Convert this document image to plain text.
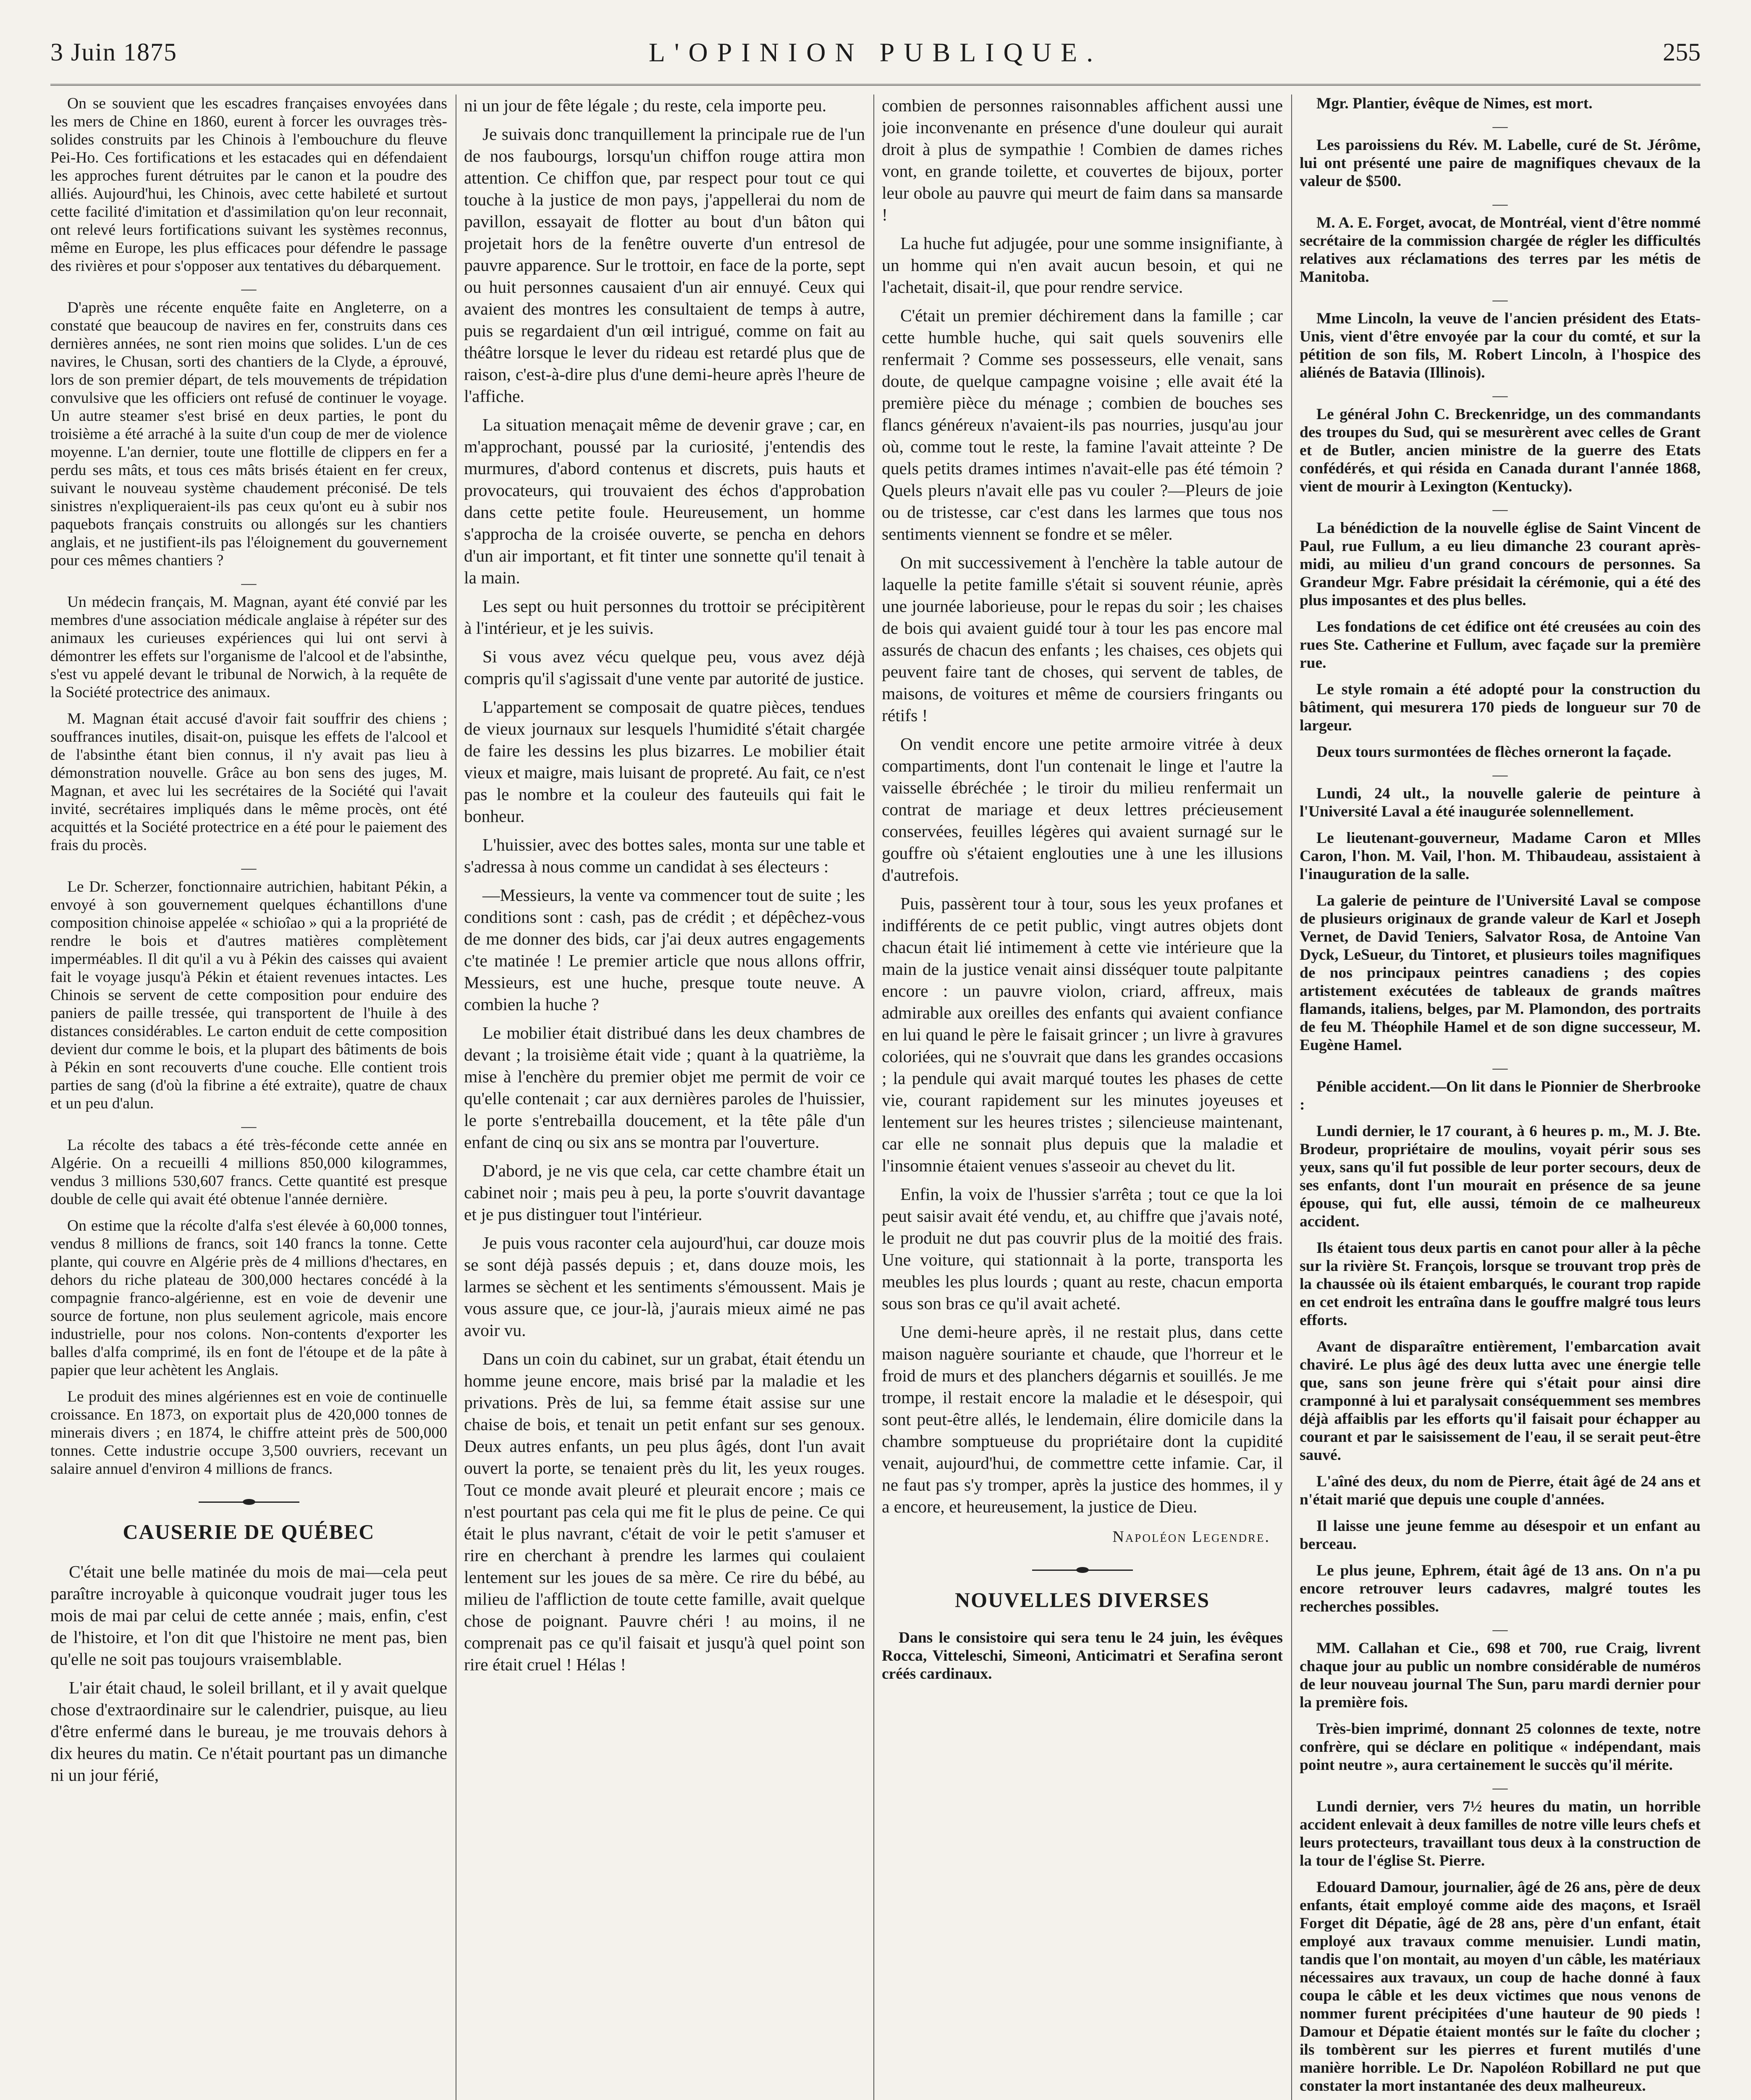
3 Juin 1875	L'OPINION PUBLIQUE.	255

On se souvient que les escadres françaises envoyées dans les mers de Chine en 1860, eurent à forcer les ouvrages très-solides construits par les Chinois à l'embouchure du fleuve Pei-Ho. Ces fortifications et les estacades qui en défendaient les approches furent détruites par le canon et la poudre des alliés. Aujourd'hui, les Chinois, avec cette habileté et surtout cette facilité d'imitation et d'assimilation qu'on leur reconnait, ont relevé leurs fortifications suivant les systèmes reconnus, même en Europe, les plus efficaces pour défendre le passage des rivières et pour s'opposer aux tentatives du débarquement.

—

D'après une récente enquête faite en Angleterre, on a constaté que beaucoup de navires en fer, construits dans ces dernières années, ne sont rien moins que solides. L'un de ces navires, le Chusan, sorti des chantiers de la Clyde, a éprouvé, lors de son premier départ, de tels mouvements de trépidation convulsive que les officiers ont refusé de continuer le voyage. Un autre steamer s'est brisé en deux parties, le pont du troisième a été arraché à la suite d'un coup de mer de violence moyenne. L'an dernier, toute une flottille de clippers en fer a perdu ses mâts, et tous ces mâts brisés étaient en fer creux, suivant le nouveau système chaudement préconisé. De tels sinistres n'expliqueraient-ils pas ceux qu'ont eu à subir nos paquebots français construits ou allongés sur les chantiers anglais, et ne justifient-ils pas l'éloignement du gouvernement pour ces mêmes chantiers ?

—

Un médecin français, M. Magnan, ayant été convié par les membres d'une association médicale anglaise à répéter sur des animaux les curieuses expériences qui lui ont servi à démontrer les effets sur l'organisme de l'alcool et de l'absinthe, s'est vu appelé devant le tribunal de Norwich, à la requête de la Société protectrice des animaux.

M. Magnan était accusé d'avoir fait souffrir des chiens ; souffrances inutiles, disait-on, puisque les effets de l'alcool et de l'absinthe étant bien connus, il n'y avait pas lieu à démonstration nouvelle. Grâce au bon sens des juges, M. Magnan, et avec lui les secrétaires de la Société qui l'avait invité, secrétaires impliqués dans le même procès, ont été acquittés et la Société protectrice en a été pour le paiement des frais du procès.

—

Le Dr. Scherzer, fonctionnaire autrichien, habitant Pékin, a envoyé à son gouvernement quelques échantillons d'une composition chinoise appelée « schioîao » qui a la propriété de rendre le bois et d'autres matières complètement imperméables. Il dit qu'il a vu à Pékin des caisses qui avaient fait le voyage jusqu'à Pékin et étaient revenues intactes. Les Chinois se servent de cette composition pour enduire des paniers de paille tressée, qui transportent de l'huile à des distances considérables. Le carton enduit de cette composition devient dur comme le bois, et la plupart des bâtiments de bois à Pékin en sont recouverts d'une couche. Elle contient trois parties de sang (d'où la fibrine a été extraite), quatre de chaux et un peu d'alun.

—

La récolte des tabacs a été très-féconde cette année en Algérie. On a recueilli 4 millions 850,000 kilogrammes, vendus 3 millions 530,607 francs. Cette quantité est presque double de celle qui avait été obtenue l'année dernière.

On estime que la récolte d'alfa s'est élevée à 60,000 tonnes, vendus 8 millions de francs, soit 140 francs la tonne. Cette plante, qui couvre en Algérie près de 4 millions d'hectares, en dehors du riche plateau de 300,000 hectares concédé à la compagnie franco-algérienne, est en voie de devenir une source de fortune, non plus seulement agricole, mais encore industrielle, pour nos colons. Non-contents d'exporter les balles d'alfa comprimé, ils en font de l'étoupe et de la pâte à papier que leur achètent les Anglais.

Le produit des mines algériennes est en voie de continuelle croissance. En 1873, on exportait plus de 420,000 tonnes de minerais divers ; en 1874, le chiffre atteint près de 500,000 tonnes. Cette industrie occupe 3,500 ouvriers, recevant un salaire annuel d'environ 4 millions de francs.

CAUSERIE DE QUÉBEC

C'était une belle matinée du mois de mai—cela peut paraître incroyable à quiconque voudrait juger tous les mois de mai par celui de cette année ; mais, enfin, c'est de l'histoire, et l'on dit que l'histoire ne ment pas, bien qu'elle ne soit pas toujours vraisemblable.

L'air était chaud, le soleil brillant, et il y avait quelque chose d'extraordinaire sur le calendrier, puisque, au lieu d'être enfermé dans le bureau, je me trouvais dehors à dix heures du matin. Ce n'était pourtant pas un dimanche ni un jour férié,

ni un jour de fête légale ; du reste, cela importe peu.

Je suivais donc tranquillement la principale rue de l'un de nos faubourgs, lorsqu'un chiffon rouge attira mon attention. Ce chiffon que, par respect pour tout ce qui touche à la justice de mon pays, j'appellerai du nom de pavillon, essayait de flotter au bout d'un bâton qui projetait hors de la fenêtre ouverte d'un entresol de pauvre apparence. Sur le trottoir, en face de la porte, sept ou huit personnes causaient d'un air ennuyé. Ceux qui avaient des montres les consultaient de temps à autre, puis se regardaient d'un œil intrigué, comme on fait au théâtre lorsque le lever du rideau est retardé plus que de raison, c'est-à-dire plus d'une demi-heure après l'heure de l'affiche.

La situation menaçait même de devenir grave ; car, en m'approchant, poussé par la curiosité, j'entendis des murmures, d'abord contenus et discrets, puis hauts et provocateurs, qui trouvaient des échos d'approbation dans cette petite foule. Heureusement, un homme s'approcha de la croisée ouverte, se pencha en dehors d'un air important, et fit tinter une sonnette qu'il tenait à la main.

Les sept ou huit personnes du trottoir se précipitèrent à l'intérieur, et je les suivis.

Si vous avez vécu quelque peu, vous avez déjà compris qu'il s'agissait d'une vente par autorité de justice.

L'appartement se composait de quatre pièces, tendues de vieux journaux sur lesquels l'humidité s'était chargée de faire les dessins les plus bizarres. Le mobilier était vieux et maigre, mais luisant de propreté. Au fait, ce n'est pas le nombre et la couleur des fauteuils qui fait le bonheur.

L'huissier, avec des bottes sales, monta sur une table et s'adressa à nous comme un candidat à ses électeurs :

—Messieurs, la vente va commencer tout de suite ; les conditions sont : cash, pas de crédit ; et dépêchez-vous de me donner des bids, car j'ai deux autres engagements c'te matinée ! Le premier article que nous allons offrir, Messieurs, est une huche, presque toute neuve. A combien la huche ?

Le mobilier était distribué dans les deux chambres de devant ; la troisième était vide ; quant à la quatrième, la mise à l'enchère du premier objet me permit de voir ce qu'elle contenait ; car aux dernières paroles de l'huissier, le porte s'entrebailla doucement, et la tête pâle d'un enfant de cinq ou six ans se montra par l'ouverture.

D'abord, je ne vis que cela, car cette chambre était un cabinet noir ; mais peu à peu, la porte s'ouvrit davantage et je pus distinguer tout l'intérieur.

Je puis vous raconter cela aujourd'hui, car douze mois se sont déjà passés depuis ; et, dans douze mois, les larmes se sèchent et les sentiments s'émoussent. Mais je vous assure que, ce jour-là, j'aurais mieux aimé ne pas avoir vu.

Dans un coin du cabinet, sur un grabat, était étendu un homme jeune encore, mais brisé par la maladie et les privations. Près de lui, sa femme était assise sur une chaise de bois, et tenait un petit enfant sur ses genoux. Deux autres enfants, un peu plus âgés, dont l'un avait ouvert la porte, se tenaient près du lit, les yeux rouges. Tout ce monde avait pleuré et pleurait encore ; mais ce n'est pourtant pas cela qui me fit le plus de peine. Ce qui était le plus navrant, c'était de voir le petit s'amuser et rire en cherchant à prendre les larmes qui coulaient lentement sur les joues de sa mère. Ce rire du bébé, au milieu de l'affliction de toute cette famille, avait quelque chose de poignant. Pauvre chéri ! au moins, il ne comprenait pas ce qu'il faisait et jusqu'à quel point son rire était cruel ! Hélas !

combien de personnes raisonnables affichent aussi une joie inconvenante en présence d'une douleur qui aurait droit à plus de sympathie ! Combien de dames riches vont, en grande toilette, et couvertes de bijoux, porter leur obole au pauvre qui meurt de faim dans sa mansarde !

La huche fut adjugée, pour une somme insignifiante, à un homme qui n'en avait aucun besoin, et qui ne l'achetait, disait-il, que pour rendre service.

C'était un premier déchirement dans la famille ; car cette humble huche, qui sait quels souvenirs elle renfermait ? Comme ses possesseurs, elle venait, sans doute, de quelque campagne voisine ; elle avait été la première pièce du ménage ; combien de bouches ses flancs généreux n'avaient-ils pas nourries, jusqu'au jour où, comme tout le reste, la famine l'avait atteinte ? De quels petits drames intimes n'avait-elle pas été témoin ? Quels pleurs n'avait elle pas vu couler ?—Pleurs de joie ou de tristesse, car c'est dans les larmes que tous nos sentiments viennent se fondre et se mêler.

On mit successivement à l'enchère la table autour de laquelle la petite famille s'était si souvent réunie, après une journée laborieuse, pour le repas du soir ; les chaises de bois qui avaient guidé tour à tour les pas encore mal assurés de chacun des enfants ; les chaises, ces objets qui peuvent faire tant de choses, qui servent de tables, de maisons, de voitures et même de coursiers fringants ou rétifs !

On vendit encore une petite armoire vitrée à deux compartiments, dont l'un contenait le linge et l'autre la vaisselle ébréchée ; le tiroir du milieu renfermait un contrat de mariage et deux lettres précieusement conservées, feuilles légères qui avaient surnagé sur le gouffre où s'étaient englouties une à une les illusions d'autrefois.

Puis, passèrent tour à tour, sous les yeux profanes et indifférents de ce petit public, vingt autres objets dont chacun était lié intimement à cette vie intérieure que la main de la justice venait ainsi disséquer toute palpitante encore : un pauvre violon, criard, affreux, mais admirable aux oreilles des enfants qui avaient confiance en lui quand le père le faisait grincer ; un livre à gravures coloriées, qui ne s'ouvrait que dans les grandes occasions ; la pendule qui avait marqué toutes les phases de cette vie, courant rapidement sur les minutes joyeuses et lentement sur les heures tristes ; silencieuse maintenant, car elle ne sonnait plus depuis que la maladie et l'insomnie étaient venues s'asseoir au chevet du lit.

Enfin, la voix de l'hussier s'arrêta ; tout ce que la loi peut saisir avait été vendu, et, au chiffre que j'avais noté, le produit ne dut pas couvrir plus de la moitié des frais. Une voiture, qui stationnait à la porte, transporta les meubles les plus lourds ; quant au reste, chacun emporta sous son bras ce qu'il avait acheté.

Une demi-heure après, il ne restait plus, dans cette maison naguère souriante et chaude, que l'horreur et le froid de murs et des planchers dégarnis et souillés. Je me trompe, il restait encore la maladie et le désespoir, qui sont peut-être allés, le lendemain, élire domicile dans la chambre somptueuse du propriétaire dont la cupidité venait, aujourd'hui, de commettre cette infamie. Car, il ne faut pas s'y tromper, après la justice des hommes, il y a encore, et heureusement, la justice de Dieu.

Napoléon Legendre.
NOUVELLES DIVERSES

Dans le consistoire qui sera tenu le 24 juin, les évêques Rocca, Vitteleschi, Simeoni, Anticimatri et Serafina seront créés cardinaux.

Mgr. Plantier, évêque de Nimes, est mort.

—

Les paroissiens du Rév. M. Labelle, curé de St. Jérôme, lui ont présenté une paire de magnifiques chevaux de la valeur de $500.

—

M. A. E. Forget, avocat, de Montréal, vient d'être nommé secrétaire de la commission chargée de régler les difficultés relatives aux réclamations des terres par les métis de Manitoba.

—

Mme Lincoln, la veuve de l'ancien président des Etats-Unis, vient d'être envoyée par la cour du comté, et sur la pétition de son fils, M. Robert Lincoln, à l'hospice des aliénés de Batavia (Illinois).

—

Le général John C. Breckenridge, un des commandants des troupes du Sud, qui se mesurèrent avec celles de Grant et de Butler, ancien ministre de la guerre des Etats confédérés, et qui résida en Canada durant l'année 1868, vient de mourir à Lexington (Kentucky).

—

La bénédiction de la nouvelle église de Saint Vincent de Paul, rue Fullum, a eu lieu dimanche 23 courant après-midi, au milieu d'un grand concours de personnes. Sa Grandeur Mgr. Fabre présidait la cérémonie, qui a été des plus imposantes et des plus belles.

Les fondations de cet édifice ont été creusées au coin des rues Ste. Catherine et Fullum, avec façade sur la première rue.

Le style romain a été adopté pour la construction du bâtiment, qui mesurera 170 pieds de longueur sur 70 de largeur.

Deux tours surmontées de flèches orneront la façade.

—

Lundi, 24 ult., la nouvelle galerie de peinture à l'Université Laval a été inaugurée solennellement.

Le lieutenant-gouverneur, Madame Caron et Mlles Caron, l'hon. M. Vail, l'hon. M. Thibaudeau, assistaient à l'inauguration de la salle.

La galerie de peinture de l'Université Laval se compose de plusieurs originaux de grande valeur de Karl et Joseph Vernet, de David Teniers, Salvator Rosa, de Antoine Van Dyck, LeSueur, du Tintoret, et plusieurs toiles magnifiques de nos principaux peintres canadiens ; des copies artistement exécutées de tableaux de grands maîtres flamands, italiens, belges, par M. Plamondon, des portraits de feu M. Théophile Hamel et de son digne successeur, M. Eugène Hamel.

—

Pénible accident.—On lit dans le Pionnier de Sherbrooke :

Lundi dernier, le 17 courant, à 6 heures p. m., M. J. Bte. Brodeur, propriétaire de moulins, voyait périr sous ses yeux, sans qu'il fut possible de leur porter secours, deux de ses enfants, dont l'un mourait en présence de sa jeune épouse, qui fut, elle aussi, témoin de ce malheureux accident.

Ils étaient tous deux partis en canot pour aller à la pêche sur la rivière St. François, lorsque se trouvant trop près de la chaussée où ils étaient embarqués, le courant trop rapide en cet endroit les entraîna dans le gouffre malgré tous leurs efforts.

Avant de disparaître entièrement, l'embarcation avait chaviré. Le plus âgé des deux lutta avec une énergie telle que, sans son jeune frère qui s'était pour ainsi dire cramponné à lui et paralysait conséquemment ses membres déjà affaiblis par les efforts qu'il faisait pour échapper au courant et par le saisissement de l'eau, il se serait peut-être sauvé.

L'aîné des deux, du nom de Pierre, était âgé de 24 ans et n'était marié que depuis une couple d'années.

Il laisse une jeune femme au désespoir et un enfant au berceau.

Le plus jeune, Ephrem, était âgé de 13 ans. On n'a pu encore retrouver leurs cadavres, malgré toutes les recherches possibles.

—

MM. Callahan et Cie., 698 et 700, rue Craig, livrent chaque jour au public un nombre considérable de numéros de leur nouveau journal The Sun, paru mardi dernier pour la première fois.

Très-bien imprimé, donnant 25 colonnes de texte, notre confrère, qui se déclare en politique « indépendant, mais point neutre », aura certainement le succès qu'il mérite.

—

Lundi dernier, vers 7½ heures du matin, un horrible accident enlevait à deux familles de notre ville leurs chefs et leurs protecteurs, travaillant tous deux à la construction de la tour de l'église St. Pierre.

Edouard Damour, journalier, âgé de 26 ans, père de deux enfants, était employé comme aide des maçons, et Israël Forget dit Dépatie, âgé de 28 ans, père d'un enfant, était employé aux travaux comme menuisier. Lundi matin, tandis que l'on montait, au moyen d'un câble, les matériaux nécessaires aux travaux, un coup de hache donné à faux coupa le câble et les deux victimes que nous venons de nommer furent précipitées d'une hauteur de 90 pieds ! Damour et Dépatie étaient montés sur le faîte du clocher ; ils tombèrent sur les pierres et furent mutilés d'une manière horrible. Le Dr. Napoléon Robillard ne put que constater la mort instantanée des deux malheureux.
